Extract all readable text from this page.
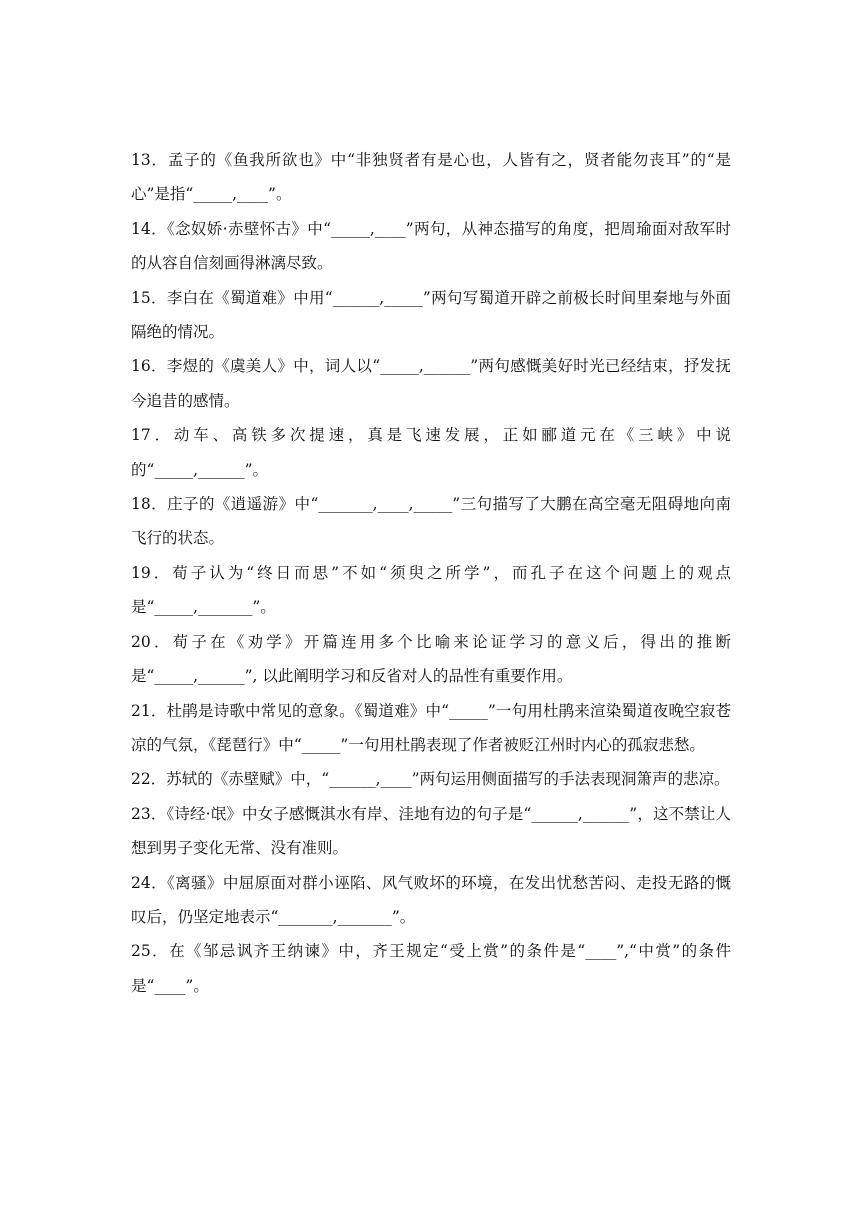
13．孟子的《鱼我所欲也》中“非独贤者有是心也，人皆有之，贤者能勿丧耳”的“是心”是指“_____,____”。

14．《念奴娇·赤壁怀古》中“_____,____”两句，从神态描写的角度，把周瑜面对敌军时的从容自信刻画得淋漓尽致。

15．李白在《蜀道难》中用“______,_____”两句写蜀道开辟之前极长时间里秦地与外面隔绝的情况。

16．李煜的《虞美人》中，词人以“_____,______”两句感慨美好时光已经结束，抒发抚今追昔的感情。

17．动车、高铁多次提速，真是飞速发展，正如郦道元在《三峡》中说的“_____,______”。

18．庄子的《逍遥游》中“_______,____,_____”三句描写了大鹏在高空毫无阻碍地向南飞行的状态。

19．荀子认为“终日而思”不如“须臾之所学”，而孔子在这个问题上的观点是“_____,_______”。

20．荀子在《劝学》开篇连用多个比喻来论证学习的意义后，得出的推断是“_____,______”, 以此阐明学习和反省对人的品性有重要作用。

21．杜鹃是诗歌中常见的意象。《蜀道难》中“_____”一句用杜鹃来渲染蜀道夜晚空寂苍凉的气氛，《琵琶行》中“_____”一句用杜鹃表现了作者被贬江州时内心的孤寂悲愁。

22．苏轼的《赤壁赋》中，“______,____”两句运用侧面描写的手法表现洞箫声的悲凉。

23．《诗经·氓》中女子感慨淇水有岸、洼地有边的句子是“______,______”，这不禁让人想到男子变化无常、没有准则。

24．《离骚》中屈原面对群小诬陷、风气败坏的环境，在发出忧愁苦闷、走投无路的慨叹后，仍坚定地表示“_______,_______”。

25．在《邹忌讽齐王纳谏》中，齐王规定“受上赏”的条件是“____”,“中赏”的条件是“____”。
